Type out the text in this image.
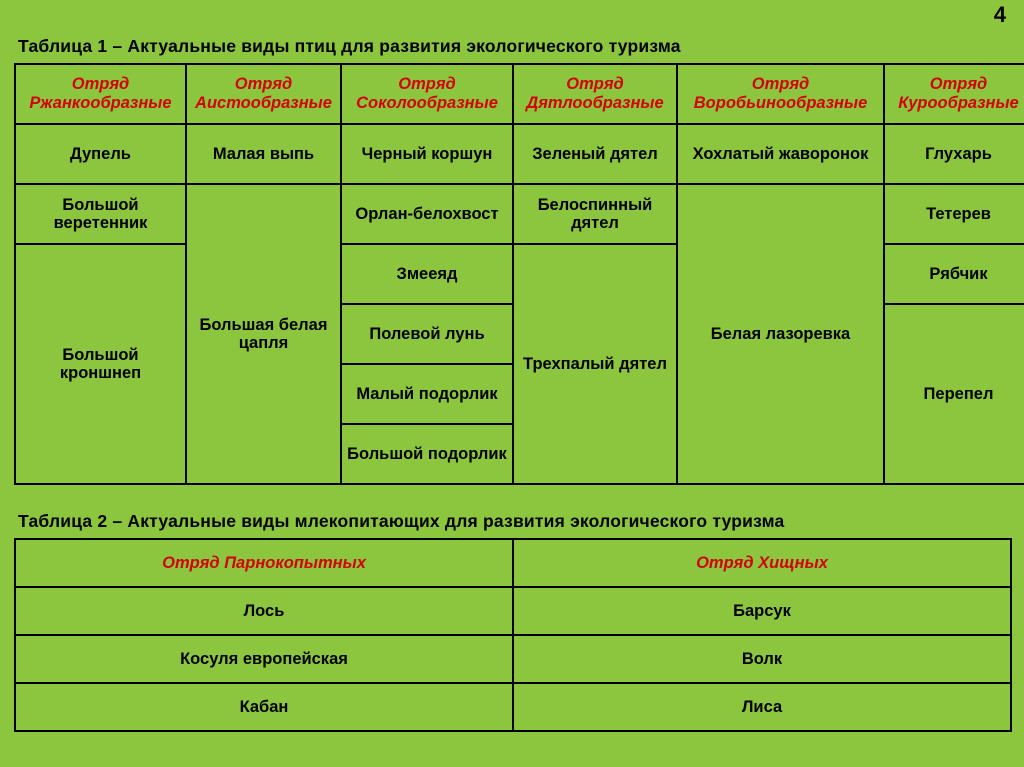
4
Таблица 1 – Актуальные виды птиц для развития экологического туризма
Отряд Ржанкообразные	Отряд Аистообразные	Отряд Соколообразные	Отряд Дятлообразные	Отряд Воробьинообразные	Отряд Курообразные
Дупель	Малая выпь	Черный коршун	Зеленый дятел	Хохлатый жаворонок	Глухарь
Большой веретенник	Большая белая цапля	Орлан-белохвост	Белоспинный дятел	Белая лазоревка	Тетерев
Большой кроншнеп		Змееяд	Трехпалый дятел		Рябчик
		Полевой лунь			Перепел
		Малый подорлик			
		Большой подорлик			
Таблица 2 – Актуальные виды млекопитающих для развития экологического туризма
Отряд Парнокопытных	Отряд Хищных
Лось	Барсук
Косуля европейская	Волк
Кабан	Лиса
